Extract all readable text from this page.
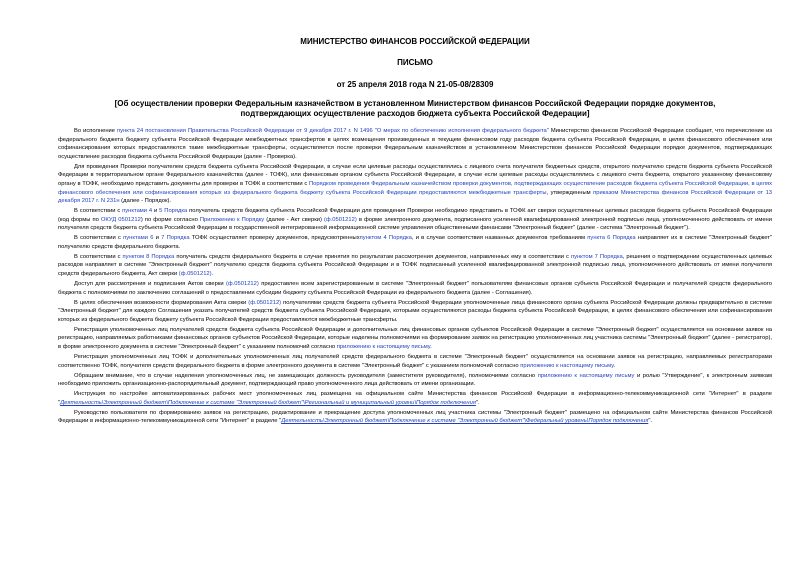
МИНИСТЕРСТВО ФИНАНСОВ РОССИЙСКОЙ ФЕДЕРАЦИИ
ПИСЬМО
от 25 апреля 2018 года N 21-05-08/28309
[Об осуществлении проверки Федеральным казначейством в установленном Министерством финансов Российской Федерации порядке документов, подтверждающих осуществление расходов бюджета субъекта Российской Федерации]

Во исполнение пункта 24 постановления Правительства Российской Федерации от 9 декабря 2017 г. N 1496 "О мерах по обеспечению исполнения федерального бюджета" Министерство финансов Российской Федерации сообщает, что перечисление из федерального бюджета бюджету субъекта Российской Федерации межбюджетных трансфертов в целях возмещения произведенных в текущем финансовом году расходов бюджета субъекта Российской Федерации, в целях финансового обеспечения или софинансирования которых предоставляются такие межбюджетные трансферты, осуществляется после проверки Федеральным казначейством в установленном Министерством финансов Российской Федерации порядке документов, подтверждающих осуществление расходов бюджета субъекта Российской Федерации (далее - Проверка).

Для проведения Проверки получателем средств бюджета субъекта Российской Федерации, в случае если целевые расходы осуществлялись с лицевого счета получателя бюджетных средств, открытого получателю средств бюджета субъекта Российской Федерации в территориальном органе Федерального казначейства (далее - ТОФК), или финансовым органом субъекта Российской Федерации, в случае если целевые расходы осуществлялись с лицевого счета бюджета, открытого указанному финансовому органу в ТОФК, необходимо представить документы для проверки в ТОФК в соответствии с Порядком проведения Федеральным казначейством проверки документов, подтверждающих осуществление расходов бюджета субъекта Российской Федерации, в целях финансового обеспечения или софинансирования которых из федерального бюджета бюджету субъекта Российской Федерации предоставляются межбюджетные трансферты, утвержденным приказом Министерства финансов Российской Федерации от 13 декабря 2017 г. N 231н (далее - Порядок).

В соответствии с пунктами 4 и 5 Порядка получатель средств бюджета субъекта Российской Федерации для проведения Проверки необходимо представить в ТОФК акт сверки осуществленных целевых расходов бюджета субъекта Российской Федерации (код формы по ОКУД 0501212) по форме согласно Приложению к Порядку (далее - Акт сверки) (ф.0501212) в форме электронного документа, подписанного усиленной квалифицированной электронной подписью лица, уполномоченного действовать от имени получателя средств бюджета субъекта Российской Федерации в государственной интегрированной информационной системе управления общественными финансами "Электронный бюджет" (далее - система "Электронный бюджет").

В соответствии с пунктами 6 и 7 Порядка ТОФК осуществляет проверку документов, предусмотренныхпунктом 4 Порядка, и в случае соответствия названных документов требованиям пункта 6 Порядка направляет их в системе "Электронный бюджет" получателю средств федерального бюджета.

В соответствии с пунктом 8 Порядка получатель средств федерального бюджета в случае принятия по результатам рассмотрения документов, направленных ему в соответствии с пунктом 7 Порядка, решения о подтверждении осуществленных целевых расходов направляет в системе "Электронный бюджет" получателю средств бюджета субъекта Российской Федерации и в ТОФК подписанный усиленной квалифицированной электронной подписью лица, уполномоченного действовать от имени получателя средств федерального бюджета, Акт сверки (ф.0501212).

Доступ для рассмотрения и подписания Актов сверки (ф.0501212) предоставлен всем зарегистрированным в системе "Электронный бюджет" пользователям финансовых органов субъекта Российской Федерации и получателей средств федерального бюджета с полномочиями по заключению соглашений о предоставлении субсидии бюджету субъекта Российской Федерации из федерального бюджета (далее - Соглашения).

В целях обеспечения возможности формирования Акта сверки (ф.0501212) получателями средств бюджета субъекта Российской Федерации уполномоченные лица финансового органа субъекта Российской Федерации должны предварительно в системе "Электронный бюджет" для каждого Соглашения указать получателей средств бюджета субъекта Российской Федерации, которыми осуществляются расходы бюджета субъекта Российской Федерации, в целях финансового обеспечения или софинансирования которых из федерального бюджета бюджету субъекта Российской Федерации предоставляются межбюджетные трансферты.

Регистрация уполномоченных лиц получателей средств бюджета субъекта Российской Федерации и дополнительных лиц финансовых органов субъектов Российской Федерации в системе "Электронный бюджет" осуществляется на основании заявок на регистрацию, направляемых работниками финансовых органов субъектов Российской Федерации, которые наделены полномочиями на формирование заявок на регистрацию уполномоченных лиц участника системы "Электронный бюджет" (далее - регистратор), в форме электронного документа в системе "Электронный бюджет" с указанием полномочий согласно приложению к настоящему письму.

Регистрация уполномоченных лиц ТОФК и дополнительных уполномоченных лиц получателей средств федерального бюджета в системе "Электронный бюджет" осуществляется на основании заявок на регистрацию, направляемых регистраторами соответственно ТОФК, получателя средств федерального бюджета в форме электронного документа в системе "Электронный бюджет" с указанием полномочий согласно приложению к настоящему письму.

Обращаем внимание, что в случае наделения уполномоченных лиц, не замещающих должность руководителя (заместителя руководителя), полномочиями согласно приложению к настоящему письму и ролью "Утверждение", к электронным заявкам необходимо приложить организационно-распорядительный документ, подтверждающий право уполномоченного лица действовать от имени организации.

Инструкция по настройке автоматизированных рабочих мест уполномоченных лиц размещена на официальном сайте Министерства финансов Российской Федерации в информационно-телекоммуникационной сети "Интернет" в разделе "Деятельность\Электронный бюджет\Подключение к системе "Электронный бюджет"\Региональный и муниципальный уровни\Порядок подключения".

Руководство пользователя по формированию заявок на регистрацию, редактирование и прекращение доступа уполномоченных лиц участника системы "Электронный бюджет" размещено на официальном сайте Министерства финансов Российской Федерации в информационно-телекоммуникационной сети "Интернет" в разделе "Деятельность\Электронный бюджет\Подключение к системе "Электронный бюджет"\Федеральный уровень\Порядок подключения".
